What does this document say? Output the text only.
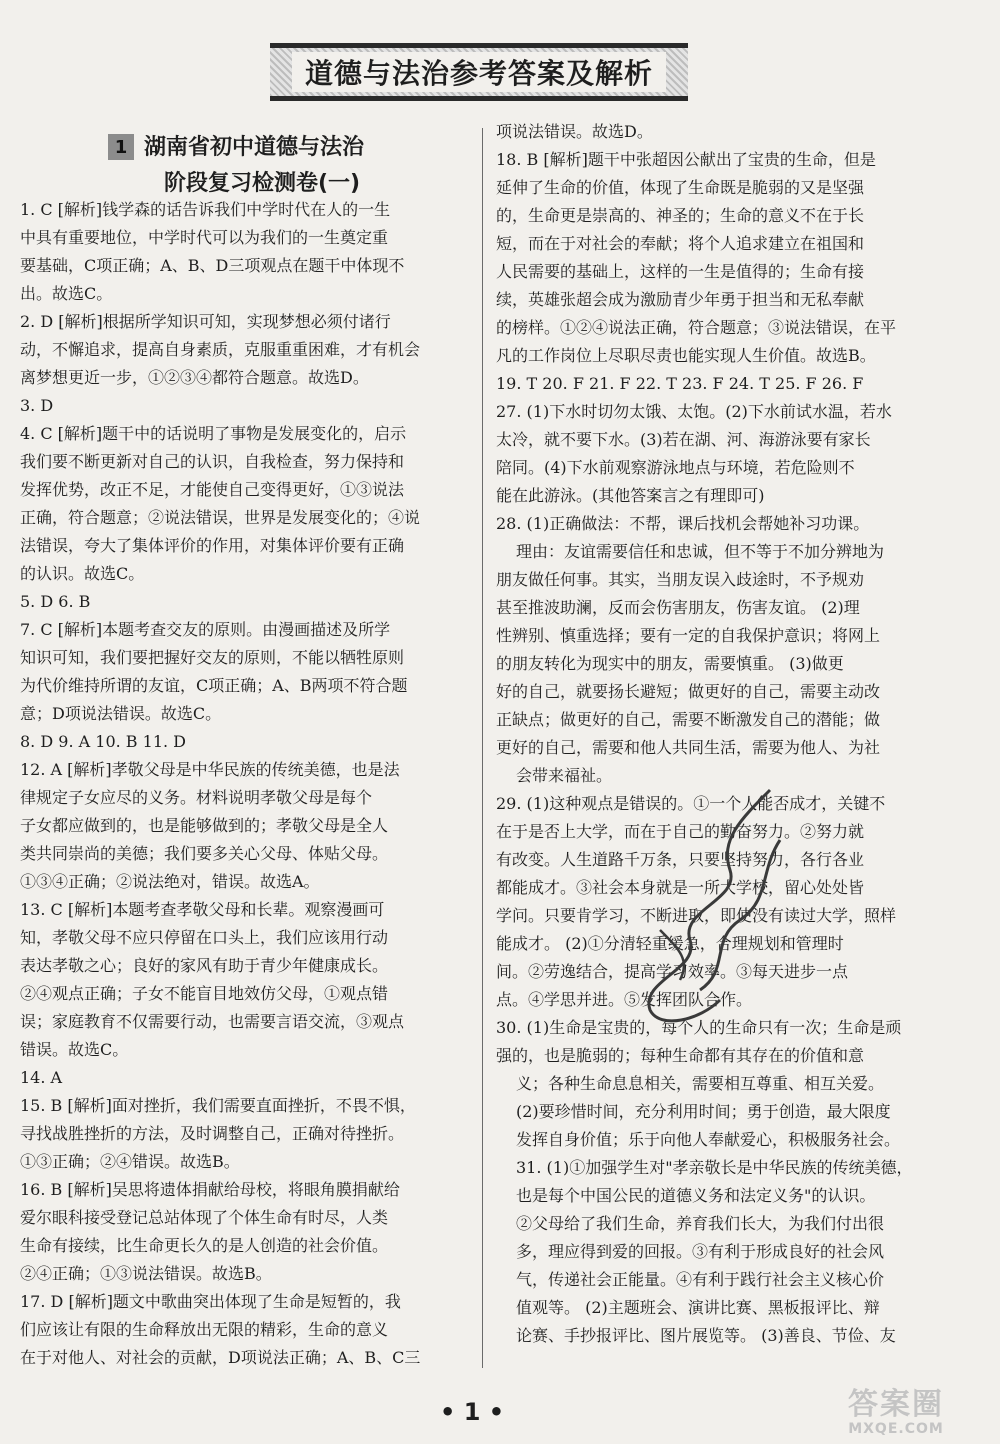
道德与法治参考答案及解析
1 湖南省初中道德与法治
阶段复习检测卷(一)
1. C [解析]钱学森的话告诉我们中学时代在人的一生
中具有重要地位，中学时代可以为我们的一生奠定重
要基础，C项正确；A、B、D三项观点在题干中体现不
出。故选C。
2. D [解析]根据所学知识可知，实现梦想必须付诸行
动，不懈追求，提高自身素质，克服重重困难，才有机会
离梦想更近一步，①②③④都符合题意。故选D。
3. D
4. C [解析]题干中的话说明了事物是发展变化的，启示
我们要不断更新对自己的认识，自我检查，努力保持和
发挥优势，改正不足，才能使自己变得更好，①③说法
正确，符合题意；②说法错误，世界是发展变化的；④说
法错误，夸大了集体评价的作用，对集体评价要有正确
的认识。故选C。
5. D 6. B
7. C [解析]本题考查交友的原则。由漫画描述及所学
知识可知，我们要把握好交友的原则，不能以牺牲原则
为代价维持所谓的友谊，C项正确；A、B两项不符合题
意；D项说法错误。故选C。
8. D 9. A 10. B 11. D
12. A [解析]孝敬父母是中华民族的传统美德，也是法
律规定子女应尽的义务。材料说明孝敬父母是每个
子女都应做到的，也是能够做到的；孝敬父母是全人
类共同崇尚的美德；我们要多关心父母、体贴父母。
①③④正确；②说法绝对，错误。故选A。
13. C [解析]本题考查孝敬父母和长辈。观察漫画可
知，孝敬父母不应只停留在口头上，我们应该用行动
表达孝敬之心；良好的家风有助于青少年健康成长。
②④观点正确；子女不能盲目地效仿父母，①观点错
误；家庭教育不仅需要行动，也需要言语交流，③观点
错误。故选C。
14. A
15. B [解析]面对挫折，我们需要直面挫折，不畏不惧，
寻找战胜挫折的方法，及时调整自己，正确对待挫折。
①③正确；②④错误。故选B。
16. B [解析]吴思将遗体捐献给母校，将眼角膜捐献给
爱尔眼科接受登记总站体现了个体生命有时尽，人类
生命有接续，比生命更长久的是人创造的社会价值。
②④正确；①③说法错误。故选B。
17. D [解析]题文中歌曲突出体现了生命是短暂的，我
们应该让有限的生命释放出无限的精彩，生命的意义
在于对他人、对社会的贡献，D项说法正确；A、B、C三
项说法错误。故选D。
18. B [解析]题干中张超因公献出了宝贵的生命，但是
延伸了生命的价值，体现了生命既是脆弱的又是坚强
的，生命更是崇高的、神圣的；生命的意义不在于长
短，而在于对社会的奉献；将个人追求建立在祖国和
人民需要的基础上，这样的一生是值得的；生命有接
续，英雄张超会成为激励青少年勇于担当和无私奉献
的榜样。①②④说法正确，符合题意；③说法错误，在平
凡的工作岗位上尽职尽责也能实现人生价值。故选B。
19. T 20. F 21. F 22. T 23. F 24. T 25. F 26. F
27. (1)下水时切勿太饿、太饱。(2)下水前试水温，若水
太冷，就不要下水。(3)若在湖、河、海游泳要有家长
陪同。(4)下水前观察游泳地点与环境，若危险则不
能在此游泳。(其他答案言之有理即可)
28. (1)正确做法：不帮，课后找机会帮她补习功课。
理由：友谊需要信任和忠诚，但不等于不加分辨地为
朋友做任何事。其实，当朋友误入歧途时，不予规劝
甚至推波助澜，反而会伤害朋友，伤害友谊。 (2)理
性辨别、慎重选择；要有一定的自我保护意识；将网上
的朋友转化为现实中的朋友，需要慎重。 (3)做更
好的自己，就要扬长避短；做更好的自己，需要主动改
正缺点；做更好的自己，需要不断激发自己的潜能；做
更好的自己，需要和他人共同生活，需要为他人、为社
会带来福祉。
29. (1)这种观点是错误的。①一个人能否成才，关键不
在于是否上大学，而在于自己的勤奋努力。②努力就
有改变。人生道路千万条，只要坚持努力，各行各业
都能成才。③社会本身就是一所大学校，留心处处皆
学问。只要肯学习，不断进取，即使没有读过大学，照样
能成才。 (2)①分清轻重缓急，合理规划和管理时
间。②劳逸结合，提高学习效率。③每天进步一点
点。④学思并进。⑤发挥团队合作。
30. (1)生命是宝贵的，每个人的生命只有一次；生命是顽
强的，也是脆弱的；每种生命都有其存在的价值和意
义；各种生命息息相关，需要相互尊重、相互关爱。
(2)要珍惜时间，充分利用时间；勇于创造，最大限度
发挥自身价值；乐于向他人奉献爱心，积极服务社会。
31. (1)①加强学生对"孝亲敬长是中华民族的传统美德，
也是每个中国公民的道德义务和法定义务"的认识。
②父母给了我们生命，养育我们长大，为我们付出很
多，理应得到爱的回报。③有利于形成良好的社会风
气，传递社会正能量。④有利于践行社会主义核心价
值观等。 (2)主题班会、演讲比赛、黑板报评比、辩
论赛、手抄报评比、图片展览等。 (3)善良、节俭、友
• 1 •	答案圈
MXQE.COM
